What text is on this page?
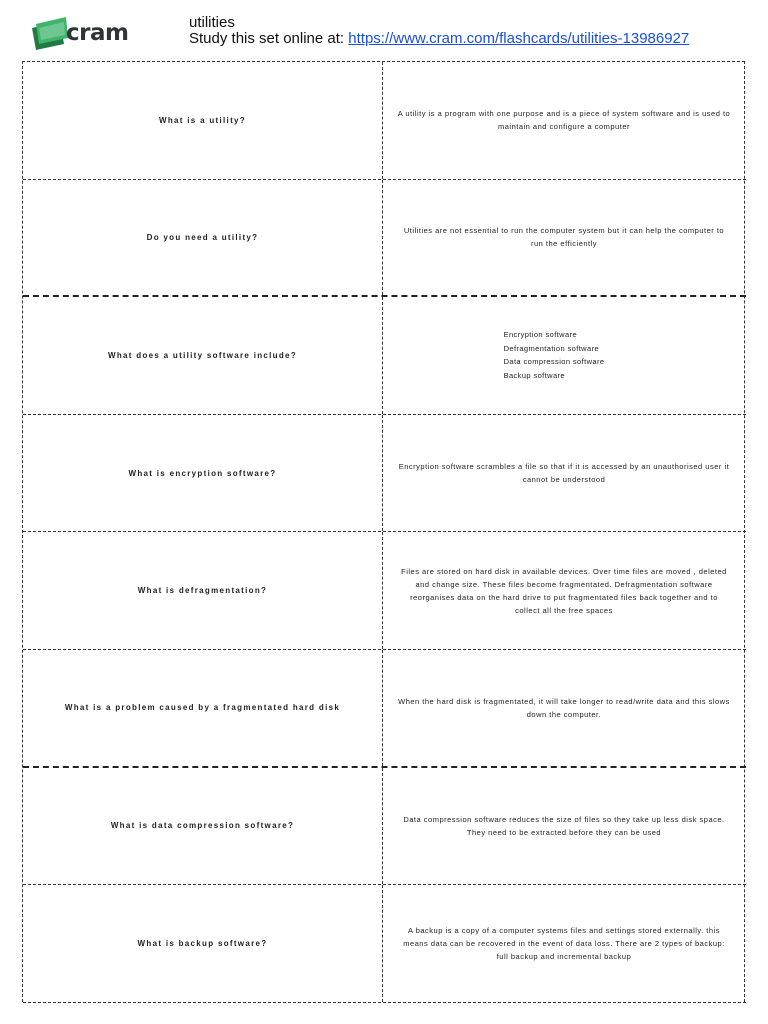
cram	utilities
Study this set online at: https://www.cram.com/flashcards/utilities-13986927
What is a utility?

A utility is a program with one purpose and is a piece of system software and is used to maintain and configure a computer

Do you need a utility?

Utilities are not essential to run the computer system but it can help the computer to run the efficiently

What does a utility software include?
Encryption software
Defragmentation software
Data compression software
Backup software
What is encryption software?

Encryption software scrambles a file so that if it is accessed by an unauthorised user it cannot be understood

What is defragmentation?

Files are stored on hard disk in available devices. Over time files are moved , deleted and change size. These files become fragmentated. Defragmentation software reorganises data on the hard drive to put fragmentated files back together and to collect all the free spaces

What is a problem caused by a fragmentated hard disk

When the hard disk is fragmentated, it will take longer to read/write data and this slows down the computer.

What is data compression software?

Data compression software reduces the size of files so they take up less disk space. They need to be extracted before they can be used

What is backup software?

A backup is a copy of a computer systems files and settings stored externally. this means data can be recovered in the event of data loss. There are 2 types of backup: full backup and incremental backup
